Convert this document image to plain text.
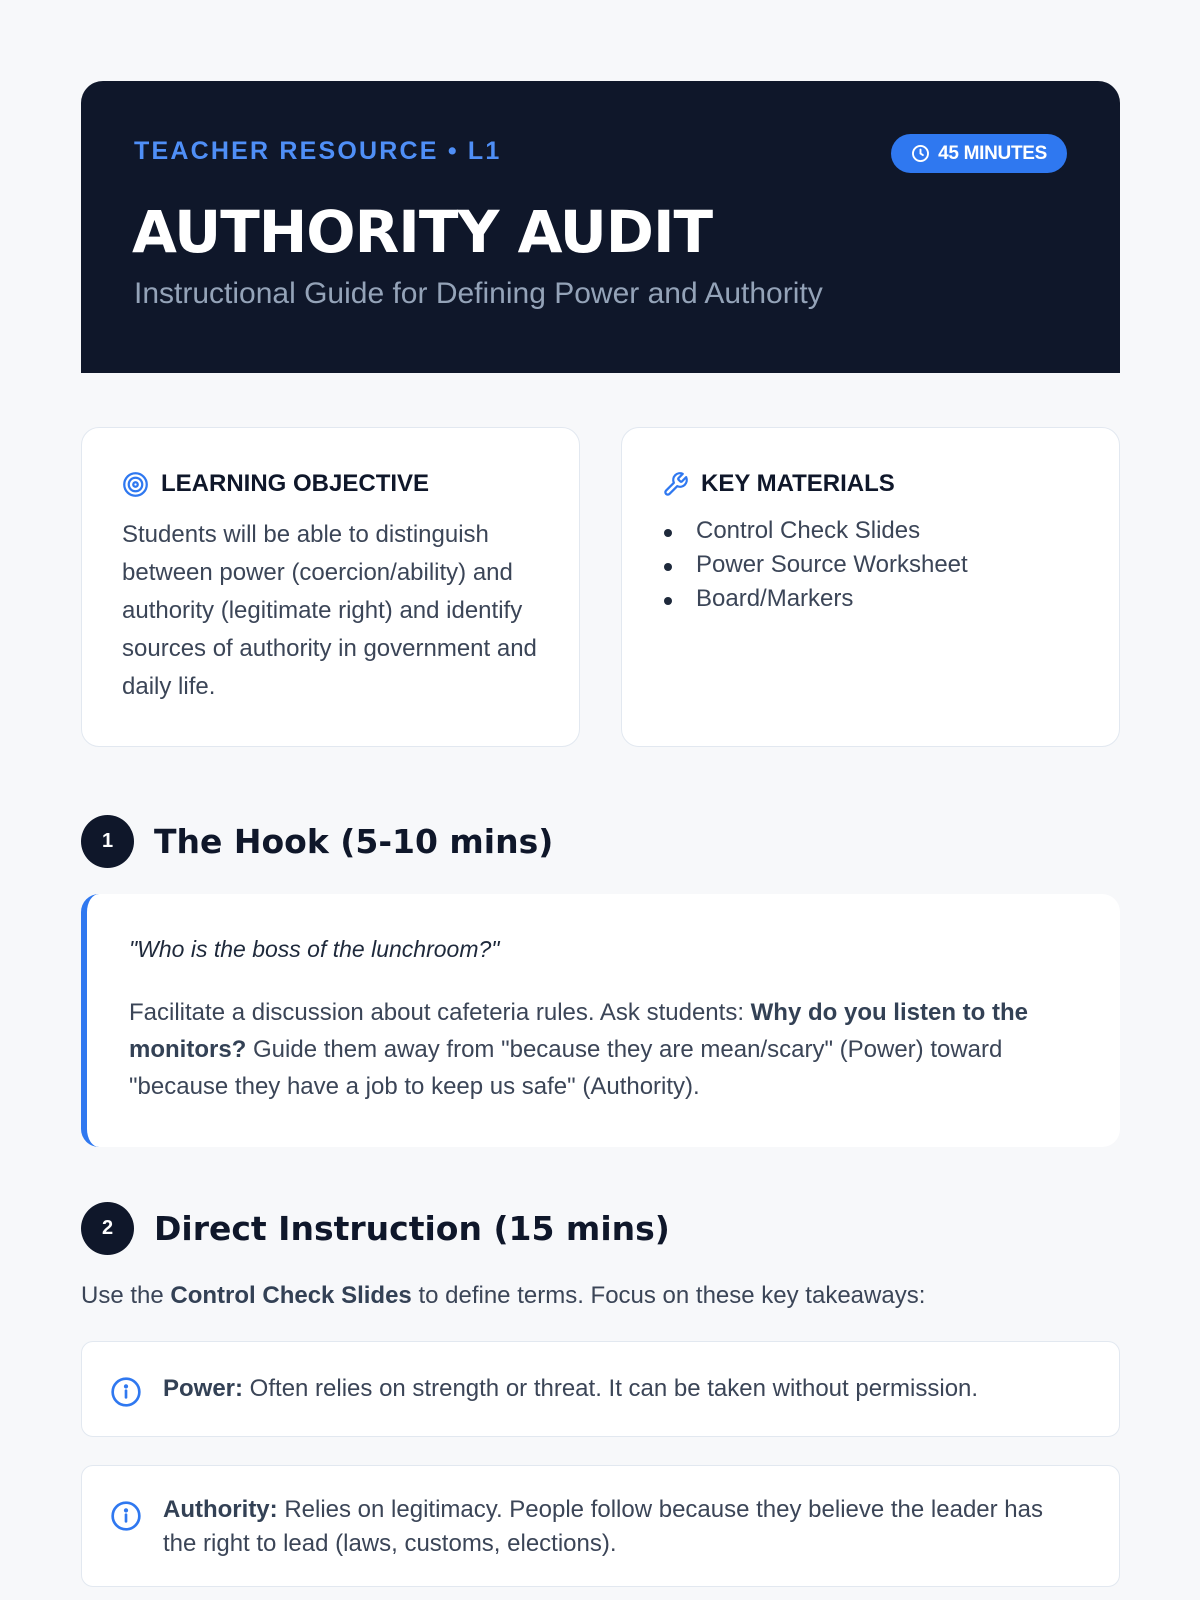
TEACHER RESOURCE • L1	45 MINUTES
AUTHORITY AUDIT
Instructional Guide for Defining Power and Authority
LEARNING OBJECTIVE
Students will be able to distinguish between power (coercion/ability) and authority (legitimate right) and identify sources of authority in government and daily life.
KEY MATERIALS
Control Check Slides
Power Source Worksheet
Board/Markers
1	The Hook (5-10 mins)
"Who is the boss of the lunchroom?"
Facilitate a discussion about cafeteria rules. Ask students: Why do you listen to the monitors? Guide them away from "because they are mean/scary" (Power) toward "because they have a job to keep us safe" (Authority).
2	Direct Instruction (15 mins)
Use the Control Check Slides to define terms. Focus on these key takeaways:
Power: Often relies on strength or threat. It can be taken without permission.
Authority: Relies on legitimacy. People follow because they believe the leader has the right to lead (laws, customs, elections).
